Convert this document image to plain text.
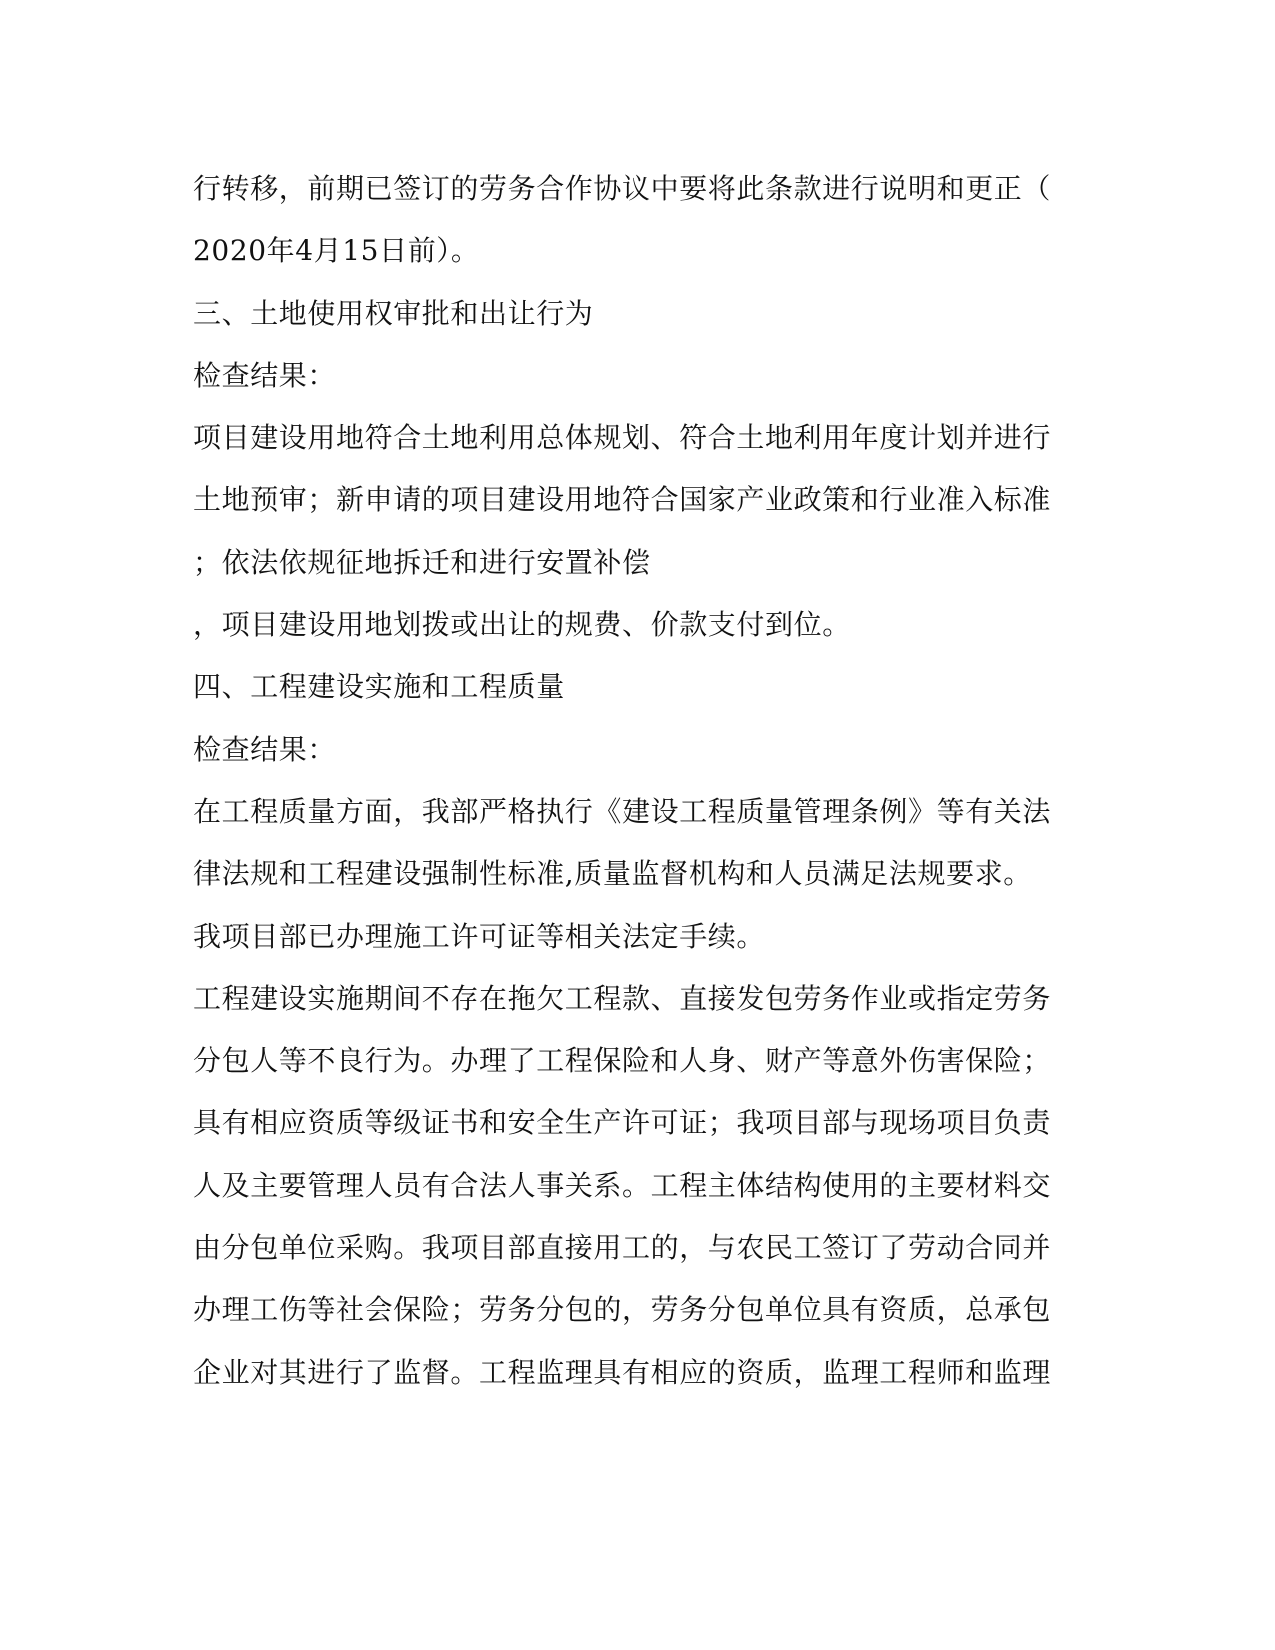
行转移，前期已签订的劳务合作协议中要将此条款进行说明和更正（
2020年4月15日前）。
三、土地使用权审批和出让行为
检查结果：
项目建设用地符合土地利用总体规划、符合土地利用年度计划并进行
土地预审；新申请的项目建设用地符合国家产业政策和行业准入标准
；依法依规征地拆迁和进行安置补偿
，项目建设用地划拨或出让的规费、价款支付到位。
四、工程建设实施和工程质量
检查结果：
在工程质量方面，我部严格执行《建设工程质量管理条例》等有关法
律法规和工程建设强制性标准,质量监督机构和人员满足法规要求。
我项目部已办理施工许可证等相关法定手续。
工程建设实施期间不存在拖欠工程款、直接发包劳务作业或指定劳务
分包人等不良行为。办理了工程保险和人身、财产等意外伤害保险；
具有相应资质等级证书和安全生产许可证；我项目部与现场项目负责
人及主要管理人员有合法人事关系。工程主体结构使用的主要材料交
由分包单位采购。我项目部直接用工的，与农民工签订了劳动合同并
办理工伤等社会保险；劳务分包的，劳务分包单位具有资质，总承包
企业对其进行了监督。工程监理具有相应的资质，监理工程师和监理
